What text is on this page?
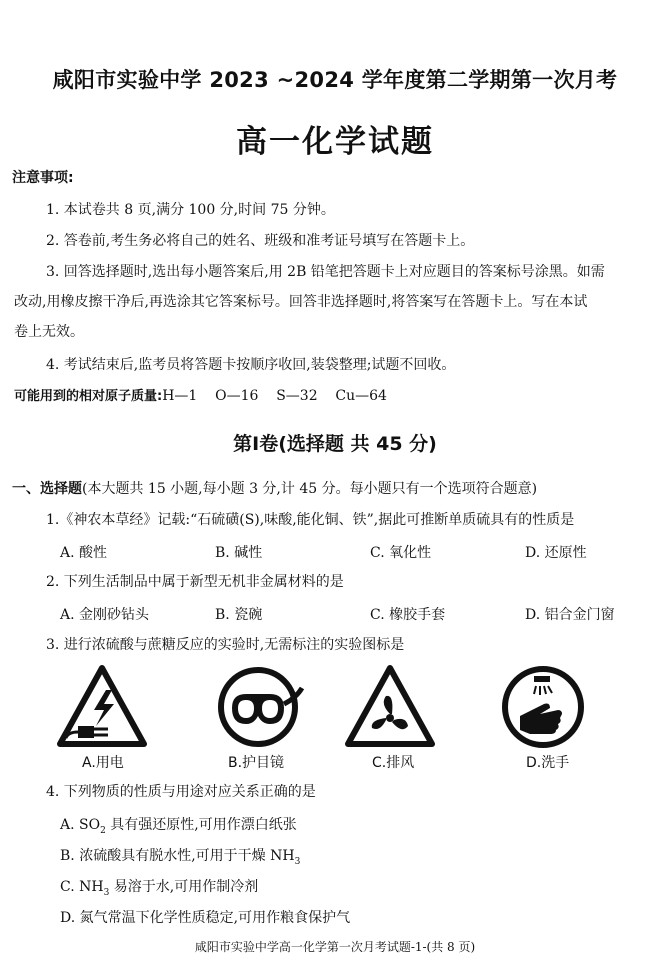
咸阳市实验中学 2023 ~2024 学年度第二学期第一次月考
高一化学试题
注意事项:
1. 本试卷共 8 页,满分 100 分,时间 75 分钟。
2. 答卷前,考生务必将自己的姓名、班级和准考证号填写在答题卡上。
3. 回答选择题时,选出每小题答案后,用 2B 铅笔把答题卡上对应题目的答案标号涂黑。如需
改动,用橡皮擦干净后,再选涂其它答案标号。回答非选择题时,将答案写在答题卡上。写在本试
卷上无效。
4. 考试结束后,监考员将答题卡按顺序收回,装袋整理;试题不回收。
可能用到的相对原子质量:H—1    O—16    S—32    Cu—64
第Ⅰ卷(选择题 共 45 分)
一、选择题(本大题共 15 小题,每小题 3 分,计 45 分。每小题只有一个选项符合题意)
1.《神农本草经》记载:“石硫磺(S),味酸,能化铜、铁”,据此可推断单质硫具有的性质是
A. 酸性	B. 碱性	C. 氧化性	D. 还原性
2. 下列生活制品中属于新型无机非金属材料的是
A. 金刚砂钻头	B. 瓷碗	C. 橡胶手套	D. 铝合金门窗
3. 进行浓硫酸与蔗糖反应的实验时,无需标注的实验图标是
A.用电	B.护目镜	C.排风	D.洗手
4. 下列物质的性质与用途对应关系正确的是
A. $SO_2$ 具有强还原性,可用作漂白纸张
B. 浓硫酸具有脱水性,可用于干燥 $NH_3$
C. $NH_3$ 易溶于水,可用作制冷剂
D. 氮气常温下化学性质稳定,可用作粮食保护气
咸阳市实验中学高一化学第一次月考试题-1-(共 8 页)
